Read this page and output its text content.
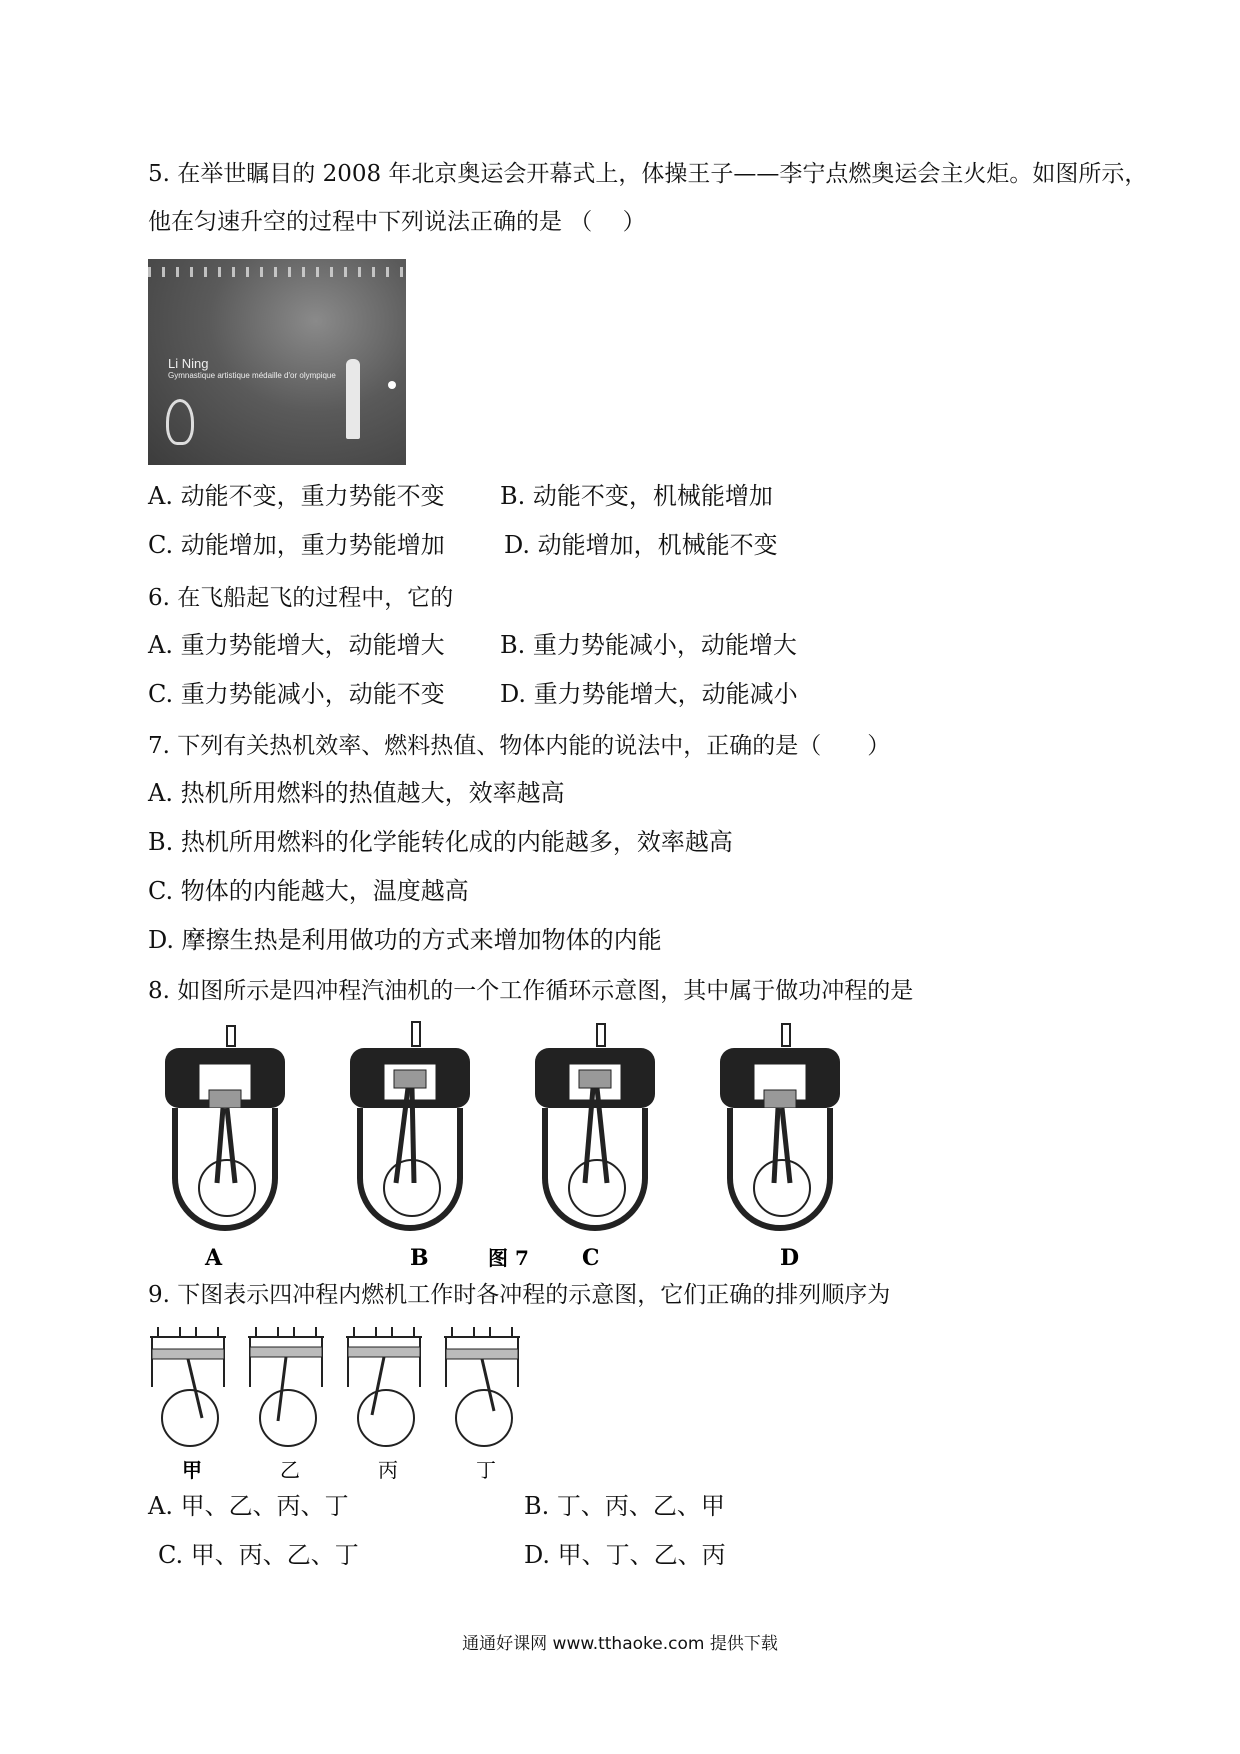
5. 在举世瞩目的 2008 年北京奥运会开幕式上，体操王子——李宁点燃奥运会主火炬。如图所示，
他在匀速升空的过程中下列说法正确的是 （　 ）
Li Ning
Gymnastique artistique médaille d'or olympique
A. 动能不变，重力势能不变 B. 动能不变，机械能增加
C. 动能增加，重力势能增加 D. 动能增加，机械能不变
6. 在飞船起飞的过程中，它的
A. 重力势能增大，动能增大 B. 重力势能减小，动能增大
C. 重力势能减小，动能不变 D. 重力势能增大，动能减小
7. 下列有关热机效率、燃料热值、物体内能的说法中，正确的是（　　）
A. 热机所用燃料的热值越大，效率越高
B. 热机所用燃料的化学能转化成的内能越多，效率越高
C. 物体的内能越大，温度越高
D. 摩擦生热是利用做功的方式来增加物体的内能
8. 如图所示是四冲程汽油机的一个工作循环示意图，其中属于做功冲程的是
A	B	图 7 C	D
9. 下图表示四冲程内燃机工作时各冲程的示意图，它们正确的排列顺序为
甲	乙	丙	丁
A. 甲、乙、丙、丁	B. 丁、丙、乙、甲
C. 甲、丙、乙、丁	D. 甲、丁、乙、丙
通通好课网 www.tthaoke.com 提供下载
